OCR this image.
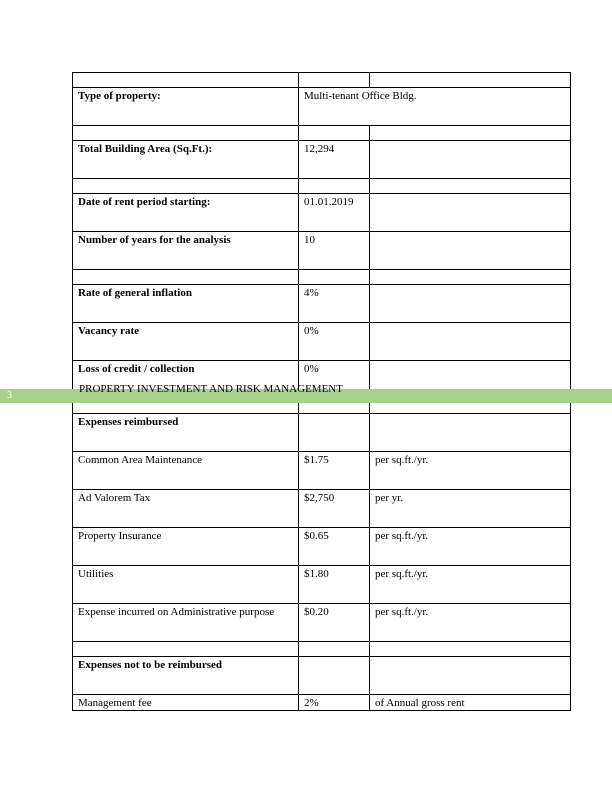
Type of property:	Multi-tenant Office Bldg.	

Total Building Area (Sq.Ft.):	12,294	

Date of rent period starting:	01.01.2019	
Number of years for the analysis	10	

Rate of general inflation	4%	
Vacancy rate	0%	
Loss of credit / collection	0%	

Expenses reimbursed		
Common Area Maintenance	$1.75	per sq.ft./yr.
Ad Valorem Tax	$2,750	per yr.
Property Insurance	$0.65	per sq.ft./yr.
Utilities	$1.80	per sq.ft./yr.
Expense incurred on Administrative purpose	$0.20	per sq.ft./yr.

Expenses not to be reimbursed		
Management fee	2%	of Annual gross rent
3
PROPERTY INVESTMENT AND RISK MANAGEMENT
